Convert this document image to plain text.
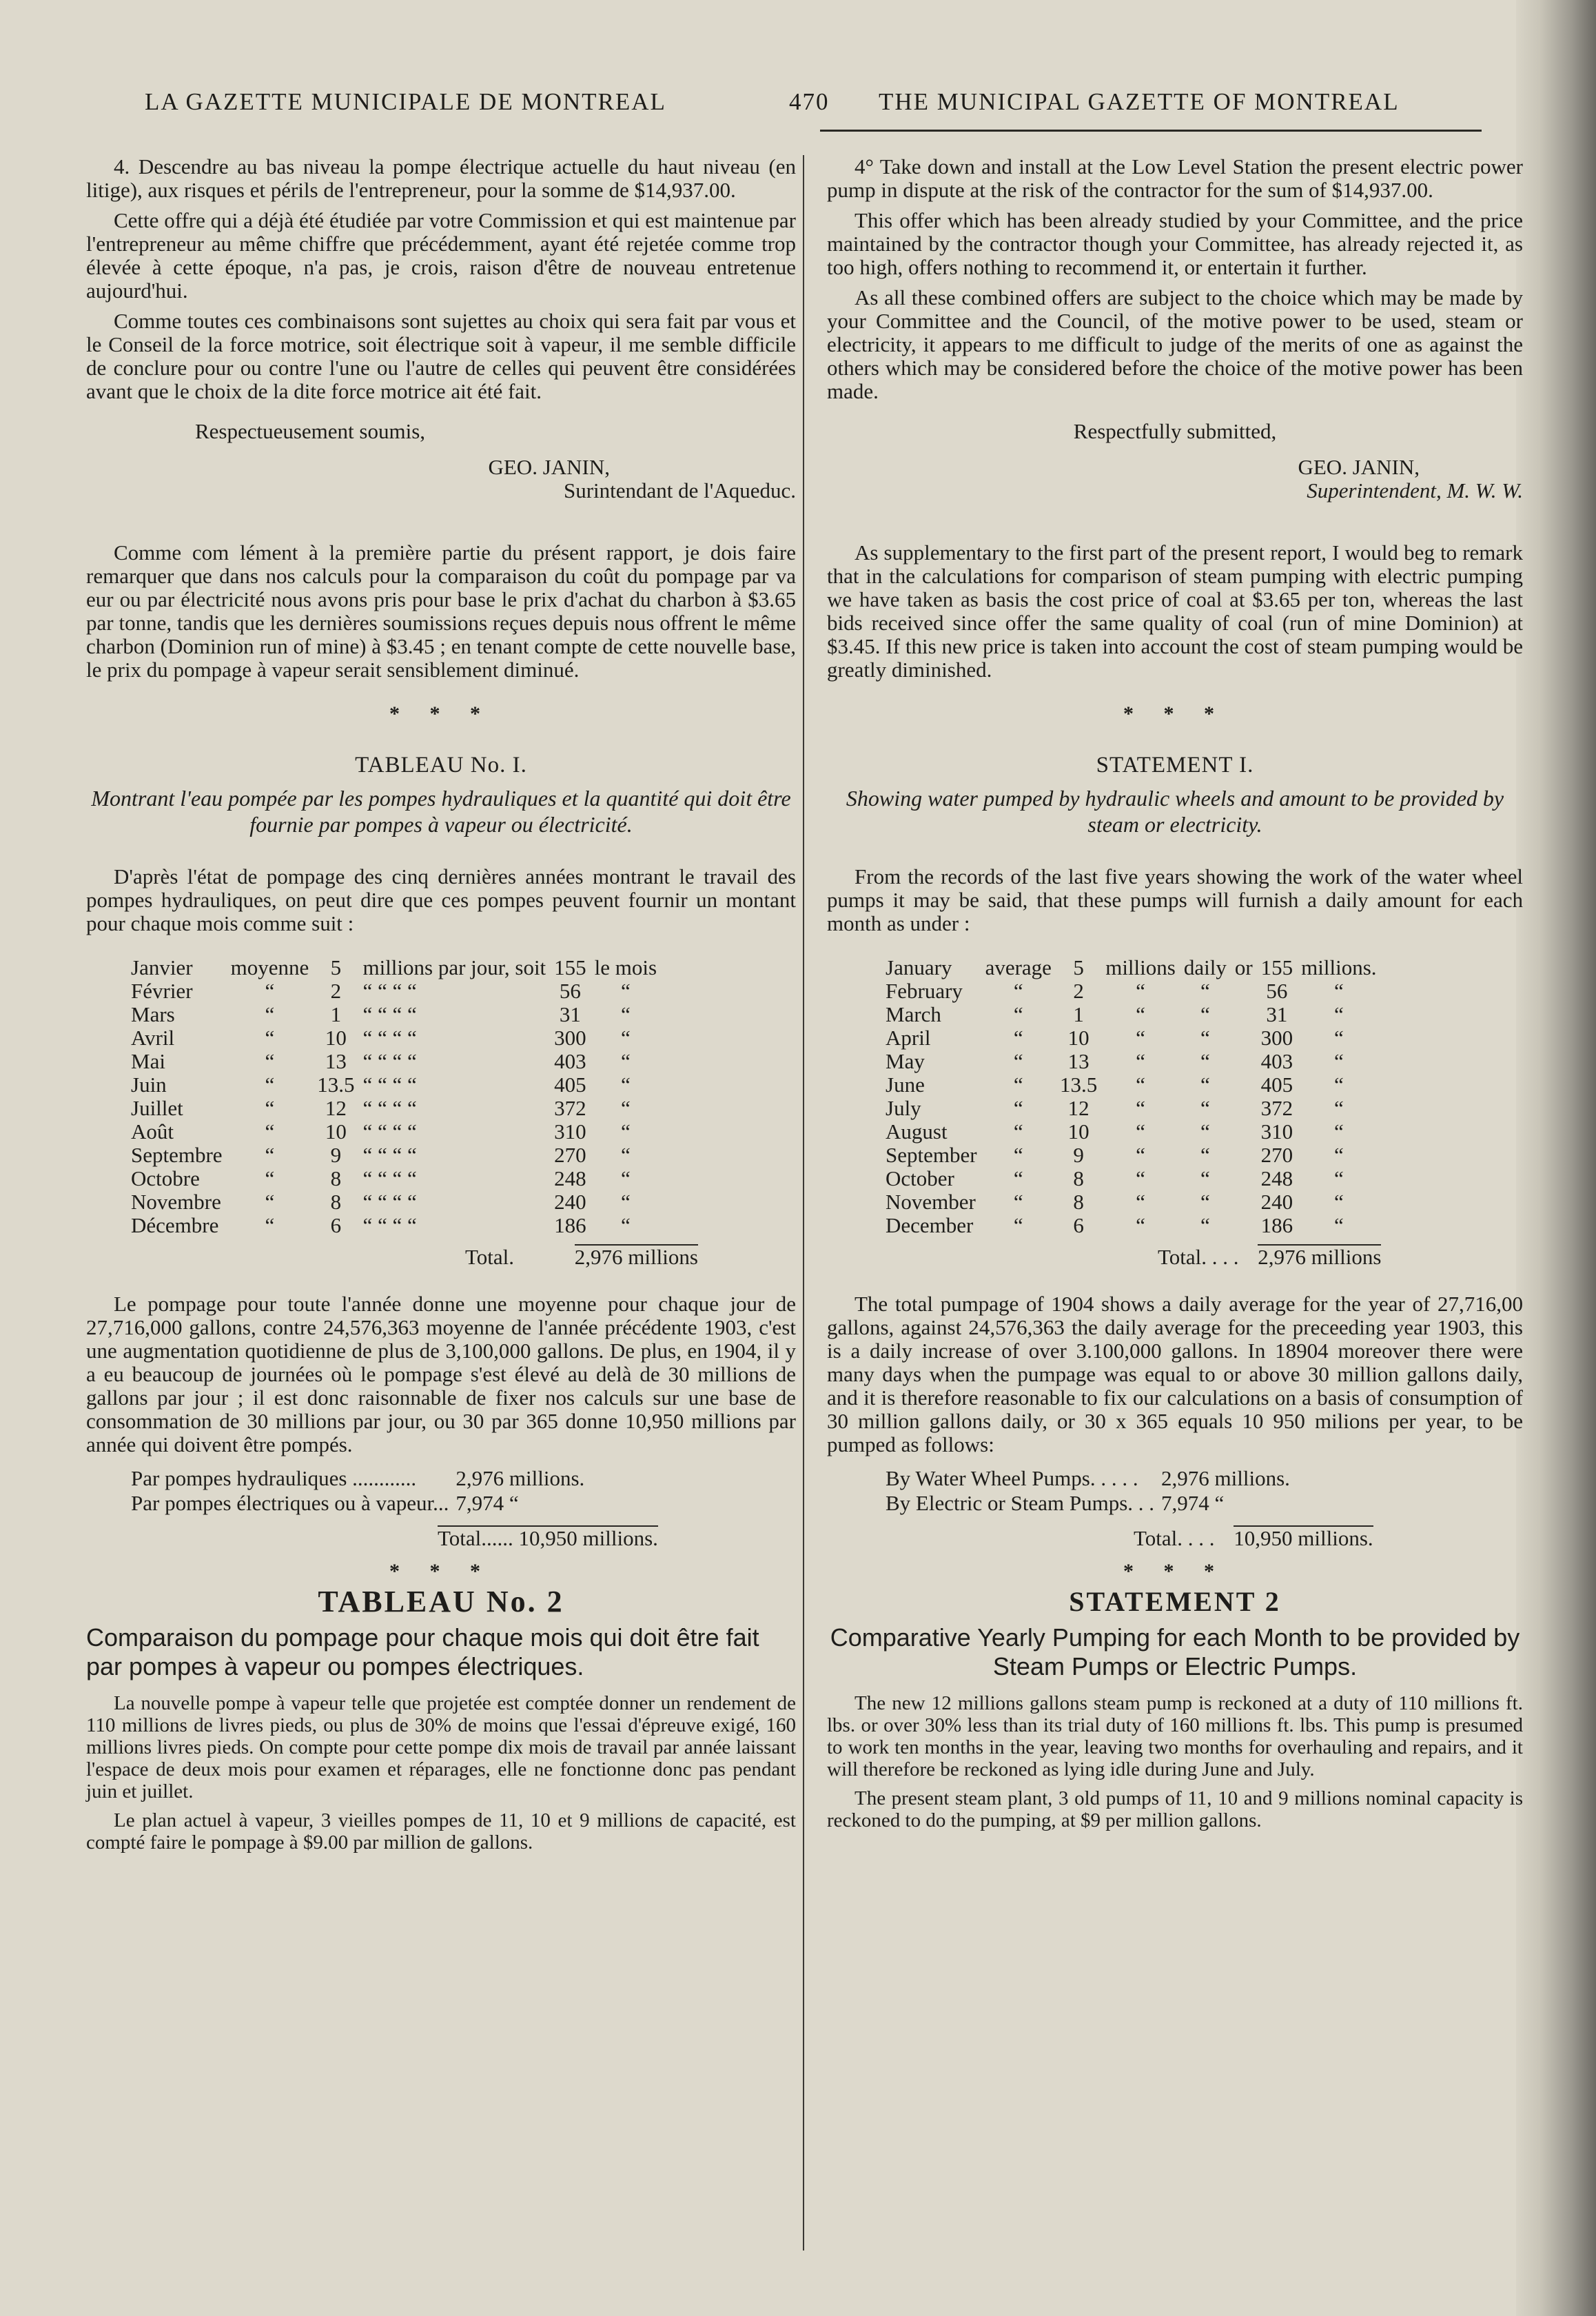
LA GAZETTE MUNICIPALE DE MONTREAL	470 THE MUNICIPAL GAZETTE OF MONTREAL

4. Descendre au bas niveau la pompe électrique actuelle du haut niveau (en litige), aux risques et périls de l'entrepreneur, pour la somme de $14,937.00.

Cette offre qui a déjà été étudiée par votre Commission et qui est maintenue par l'entrepreneur au même chiffre que précédemment, ayant été rejetée comme trop élevée à cette époque, n'a pas, je crois, raison d'être de nouveau entretenue aujourd'hui.

Comme toutes ces combinaisons sont sujettes au choix qui sera fait par vous et le Conseil de la force motrice, soit électrique soit à vapeur, il me semble difficile de conclure pour ou contre l'une ou l'autre de celles qui peuvent être considérées avant que le choix de la dite force motrice ait été fait.

Respectueusement soumis,

GEO. JANIN,

Surintendant de l'Aqueduc.

Comme com lément à la première partie du présent rapport, je dois faire remarquer que dans nos calculs pour la comparaison du coût du pompage par va eur ou par électricité nous avons pris pour base le prix d'achat du charbon à $3.65 par tonne, tandis que les dernières soumissions reçues depuis nous offrent le même charbon (Dominion run of mine) à $3.45 ; en tenant compte de cette nouvelle base, le prix du pompage à vapeur serait sensiblement diminué.

* * *
TABLEAU No. I.

Montrant l'eau pompée par les pompes hydrauliques et la quantité qui doit être fournie par pompes à vapeur ou électricité.

D'après l'état de pompage des cinq dernières années montrant le travail des pompes hydrauliques, on peut dire que ces pompes peuvent fournir un montant pour chaque mois comme suit :

Janvier	moyenne	5	millions par jour, soit	155	le mois
Février	“	2	“ “ “ “	56	“
Mars	“	1	“ “ “ “	31	“
Avril	“	10	“ “ “ “	300	“
Mai	“	13	“ “ “ “	403	“
Juin	“	13.5	“ “ “ “	405	“
Juillet	“	12	“ “ “ “	372	“
Août	“	10	“ “ “ “	310	“
Septembre	“	9	“ “ “ “	270	“
Octobre	“	8	“ “ “ “	248	“
Novembre	“	8	“ “ “ “	240	“
Décembre	“	6	“ “ “ “	186	“
Total.	2,976 millions

Le pompage pour toute l'année donne une moyenne pour chaque jour de 27,716,000 gallons, contre 24,576,363 moyenne de l'année précédente 1903, c'est une augmentation quotidienne de plus de 3,100,000 gallons. De plus, en 1904, il y a eu beaucoup de journées où le pompage s'est élevé au delà de 30 millions de gallons par jour ; il est donc raisonnable de fixer nos calculs sur une base de consommation de 30 millions par jour, ou 30 par 365 donne 10,950 millions par année qui doivent être pompés.

Par pompes hydrauliques ............	2,976 millions.
Par pompes électriques ou à vapeur...	7,974 “
Total...... 10,950 millions.
* * *
TABLEAU No. 2
Comparaison du pompage pour chaque mois qui doit être fait par pompes à vapeur ou pompes électriques.

La nouvelle pompe à vapeur telle que projetée est comptée donner un rendement de 110 millions de livres pieds, ou plus de 30% de moins que l'essai d'épreuve exigé, 160 millions livres pieds. On compte pour cette pompe dix mois de travail par année laissant l'espace de deux mois pour examen et réparages, elle ne fonctionne donc pas pendant juin et juillet.

Le plan actuel à vapeur, 3 vieilles pompes de 11, 10 et 9 millions de capacité, est compté faire le pompage à $9.00 par million de gallons.

4° Take down and install at the Low Level Station the present electric power pump in dispute at the risk of the contractor for the sum of $14,937.00.

This offer which has been already studied by your Committee, and the price maintained by the contractor though your Committee, has already rejected it, as too high, offers nothing to recommend it, or entertain it further.

As all these combined offers are subject to the choice which may be made by your Committee and the Council, of the motive power to be used, steam or electricity, it appears to me difficult to judge of the merits of one as against the others which may be considered before the choice of the motive power has been made.

Respectfully submitted,

GEO. JANIN,

Superintendent, M. W. W.

As supplementary to the first part of the present report, I would beg to remark that in the calculations for comparison of steam pumping with electric pumping we have taken as basis the cost price of coal at $3.65 per ton, whereas the last bids received since offer the same quality of coal (run of mine Dominion) at $3.45. If this new price is taken into account the cost of steam pumping would be greatly diminished.

* * *
STATEMENT I.

Showing water pumped by hydraulic wheels and amount to be provided by steam or electricity.

From the records of the last five years showing the work of the water wheel pumps it may be said, that these pumps will furnish a daily amount for each month as under :

January	average	5	millions	daily	or	155	millions.
February	“	2	“	“		56	“
March	“	1	“	“		31	“
April	“	10	“	“		300	“
May	“	13	“	“		403	“
June	“	13.5	“	“		405	“
July	“	12	“	“		372	“
August	“	10	“	“		310	“
September	“	9	“	“		270	“
October	“	8	“	“		248	“
November	“	8	“	“		240	“
December	“	6	“	“		186	“
Total. . . . 2,976 millions

The total pumpage of 1904 shows a daily average for the year of 27,716,00 gallons, against 24,576,363 the daily average for the preceeding year 1903, this is a daily increase of over 3.100,000 gallons. In 18904 moreover there were many days when the pumpage was equal to or above 30 million gallons daily, and it is therefore reasonable to fix our calculations on a basis of consumption of 30 million gallons daily, or 30 x 365 equals 10 950 milions per year, to be pumped as follows:

By Water Wheel Pumps. . . . .	2,976 millions.
By Electric or Steam Pumps. . .	7,974 “
Total. . . . 10,950 millions.
* * *
STATEMENT 2
Comparative Yearly Pumping for each Month to be provided by Steam Pumps or Electric Pumps.

The new 12 millions gallons steam pump is reckoned at a duty of 110 millions ft. lbs. or over 30% less than its trial duty of 160 millions ft. lbs. This pump is presumed to work ten months in the year, leaving two months for overhauling and repairs, and it will therefore be reckoned as lying idle during June and July.

The present steam plant, 3 old pumps of 11, 10 and 9 millions nominal capacity is reckoned to do the pumping, at $9 per million gallons.
